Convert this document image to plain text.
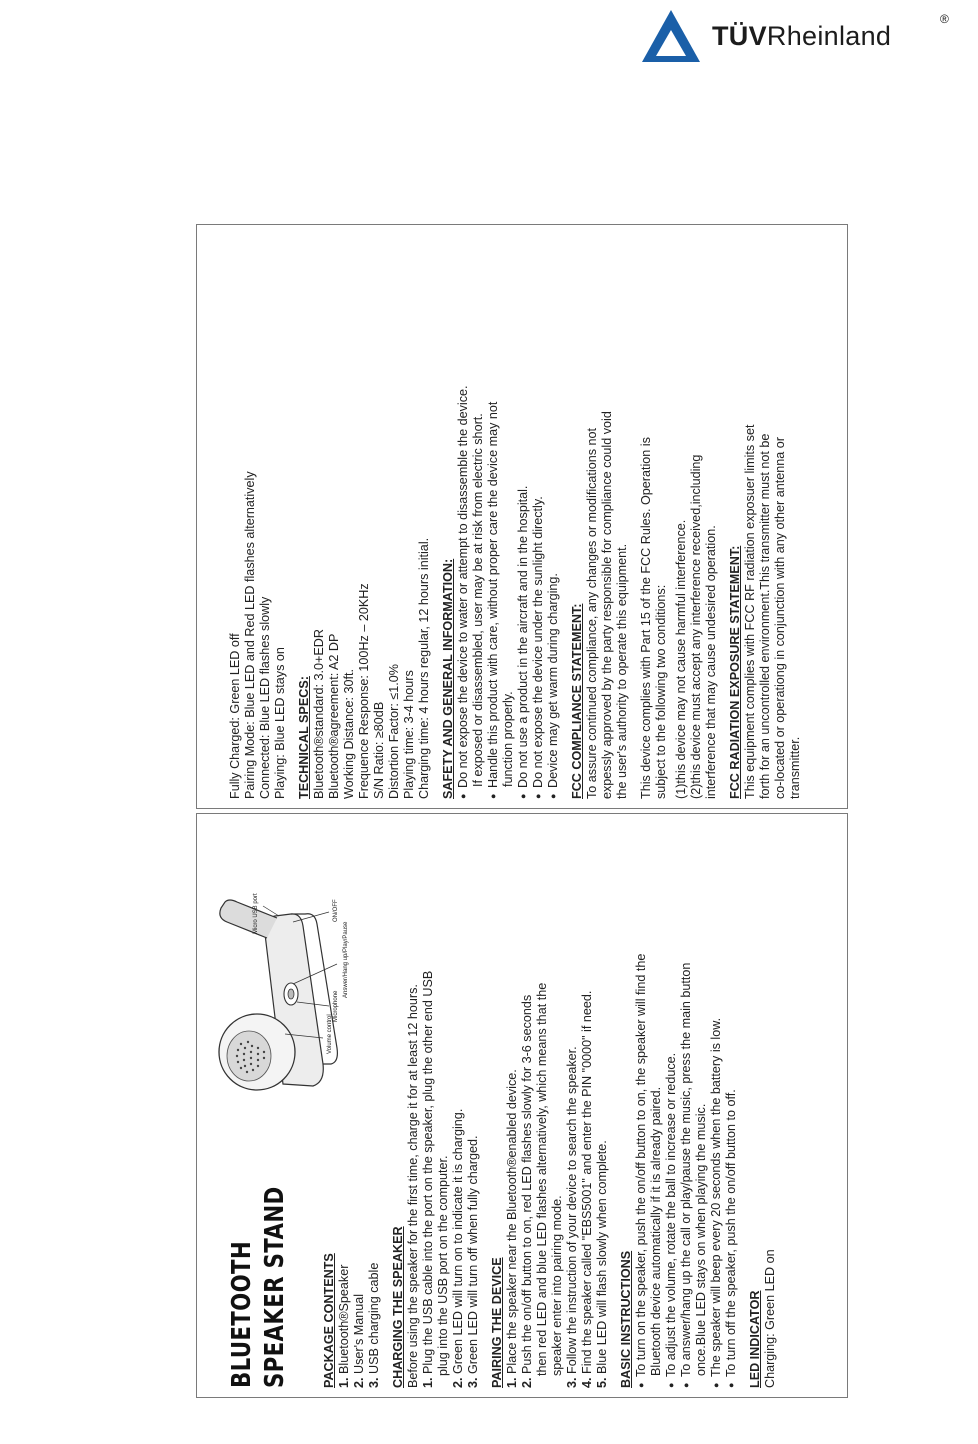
TÜVRheinland
®
Fully Charged: Green LED off Pairing Mode: Blue LED and Red LED flashes alternatively Connected: Blue LED flashes slowly Playing: Blue LED stays on TECHNICAL SPECS: Bluetooth®standard: 3.0+EDR Bluetooth®agreement: A2 DP Working Distance: 30ft. Frequence Response: 100Hz – 20KHz S/N Ratio: ≥80dB Distortion Factor: ≤1.0% Playing time: 3-4 hours Charging time: 4 hours regular, 12 hours initial. SAFETY AND GENERAL INFORMATION: ● Do not expose the device to water or attempt to disassemble the device. If exposed or disassembled, user may be at risk from electric short. ● Handle this product with care, without proper care the device may not function properly. ● Do not use a product in the aircraft and in the hospital. ● Do not expose the device under the sunlight directly. ● Device may get warm during charging. FCC COMPLIANCE STATEMENT: To assure continued compliance, any changes or modifications not expessly approved by the party responsible for compliance could void the user's authority to operate this equipment. This device complies with Part 15 of the FCC Rules. Operation is subject to the following two conditions: (1)this device may not cause harmful interference. (2)this device must accept any interference received,including interference that may cause undesired operation. FCC RADIATION EXPOSURE STATEMENT: This equipment complies with FCC RF radiation exposuer limits set forth for an uncontrolled environment.This transmitter must not be co-located or operationg in conjunction with any other antenna or transmitter.
BLUETOOTH SPEAKER STAND	PACKAGE CONTENTS 1. Bluetooth®Speaker
2. User's Manual
3. USB charging cable CHARGING THE SPEAKER Before using the speaker for the first time, charge it for at least 12 hours. 1. Plug the USB cable into the port on the speaker, plug the other end USB plug into the USB port on the computer.
2. Green LED will turn on to indicate it is charging.
3. Green LED will turn off when fully charged. PAIRING THE DEVICE 1. Place the speaker near the Bluetooth®enabled device.
2. Push the on/off button to on, red LED flashes slowly for 3-6 seconds then red LED and blue LED flashes alternatively, which means that the speaker enter into pairing mode.
3. Follow the instruction of your device to search the speaker.
4. Find the speaker called "EBS5001" and enter the PIN "0000" if need.
5. Blue LED will flash slowly when complete. BASIC INSTRUCTIONS ● To turn on the speaker, push the on/off button to on, the speaker will find the Bluetooth device automatically if it is already paired. ● To adjust the volume, rotate the ball to increase or reduce. ● To answer/hang up the call or play/pause the music, press the main button once.Blue LED stays on when playing the music. ● The speaker will beep every 20 seconds when the battery is low. ● To turn off the speaker, push the on/off button to off. LED INDICATOR Charging: Green LED on
Volume control
Microphone
Answer/Hang up/Play/Pause
ON/OFF
Micro USB port
